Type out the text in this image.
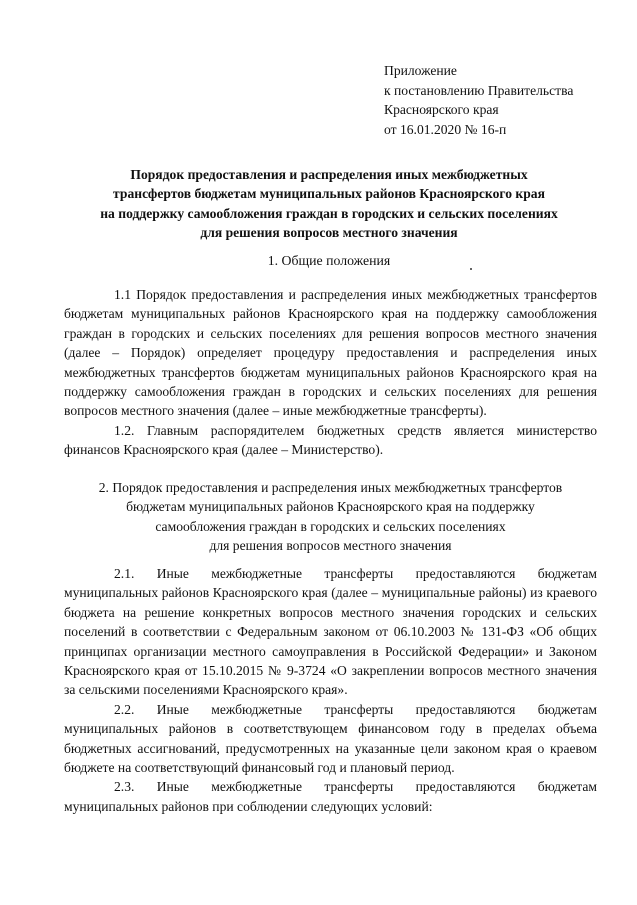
Приложение
к постановлению Правительства
Красноярского края
от 16.01.2020 № 16-п
Порядок предоставления и распределения иных межбюджетных
трансфертов бюджетам муниципальных районов Красноярского края
на поддержку самообложения граждан в городских и сельских поселениях
для решения вопросов местного значения
1. Общие положения

1.1 Порядок предоставления и распределения иных межбюджетных трансфертов бюджетам муниципальных районов Красноярского края на поддержку самообложения граждан в городских и сельских поселениях для решения вопросов местного значения (далее – Порядок) определяет процедуру предоставления и распределения иных межбюджетных трансфертов бюджетам муниципальных районов Красноярского края на поддержку самообложения граждан в городских и сельских поселениях для решения вопросов местного значения (далее – иные межбюджетные трансферты).

1.2. Главным распорядителем бюджетных средств является министерство финансов Красноярского края (далее – Министерство).

2. Порядок предоставления и распределения иных межбюджетных трансфертов
бюджетам муниципальных районов Красноярского края на поддержку
самообложения граждан в городских и сельских поселениях
для решения вопросов местного значения

2.1. Иные межбюджетные трансферты предоставляются бюджетам муниципальных районов Красноярского края (далее – муниципальные районы) из краевого бюджета на решение конкретных вопросов местного значения городских и сельских поселений в соответствии с Федеральным законом от 06.10.2003 № 131-ФЗ «Об общих принципах организации местного самоуправления в Российской Федерации» и Законом Красноярского края от 15.10.2015 № 9-3724 «О закреплении вопросов местного значения за сельскими поселениями Красноярского края».

2.2. Иные межбюджетные трансферты предоставляются бюджетам муниципальных районов в соответствующем финансовом году в пределах объема бюджетных ассигнований, предусмотренных на указанные цели законом края о краевом бюджете на соответствующий финансовый год и плановый период.

2.3. Иные межбюджетные трансферты предоставляются бюджетам муниципальных районов при соблюдении следующих условий:
